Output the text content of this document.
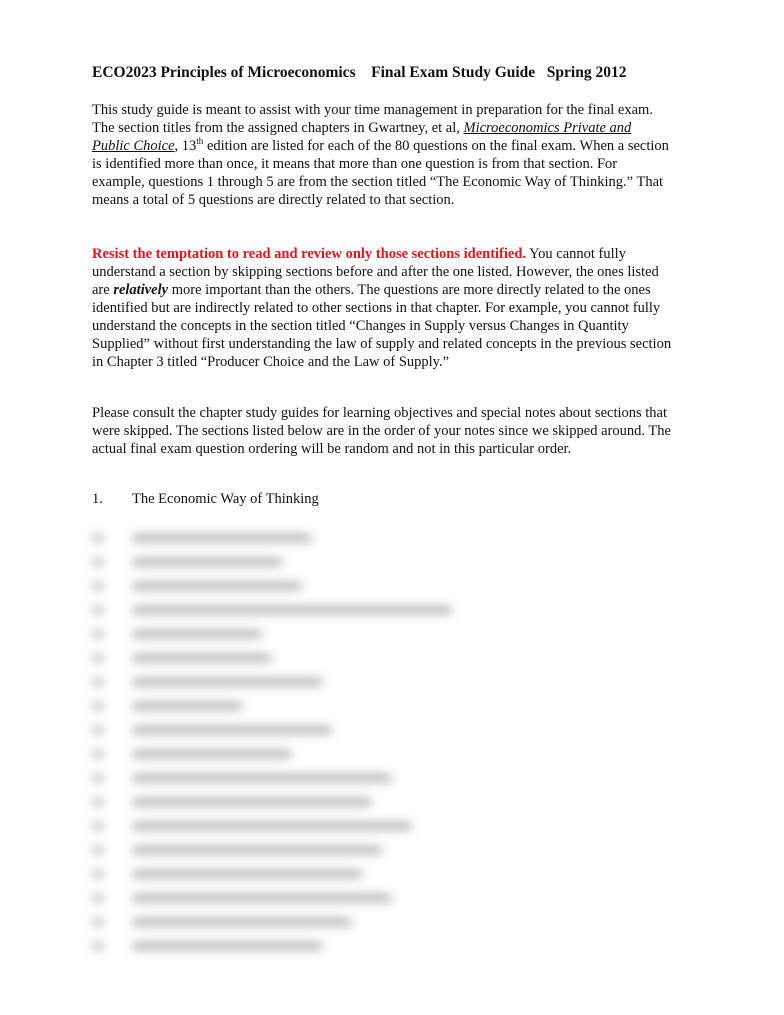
ECO2023 Principles of Microeconomics    Final Exam Study Guide   Spring 2012
This study guide is meant to assist with your time management in preparation for the final exam. The section titles from the assigned chapters in Gwartney, et al, Microeconomics Private and Public Choice, 13th edition are listed for each of the 80 questions on the final exam. When a section is identified more than once, it means that more than one question is from that section. For example, questions 1 through 5 are from the section titled “The Economic Way of Thinking.” That means a total of 5 questions are directly related to that section.
Resist the temptation to read and review only those sections identified. You cannot fully understand a section by skipping sections before and after the one listed. However, the ones listed are relatively more important than the others. The questions are more directly related to the ones identified but are indirectly related to other sections in that chapter. For example, you cannot fully understand the concepts in the section titled “Changes in Supply versus Changes in Quantity Supplied” without first understanding the law of supply and related concepts in the previous section in Chapter 3 titled “Producer Choice and the Law of Supply.”
Please consult the chapter study guides for learning objectives and special notes about sections that were skipped. The sections listed below are in the order of your notes since we skipped around. The actual final exam question ordering will be random and not in this particular order.
1. The Economic Way of Thinking
